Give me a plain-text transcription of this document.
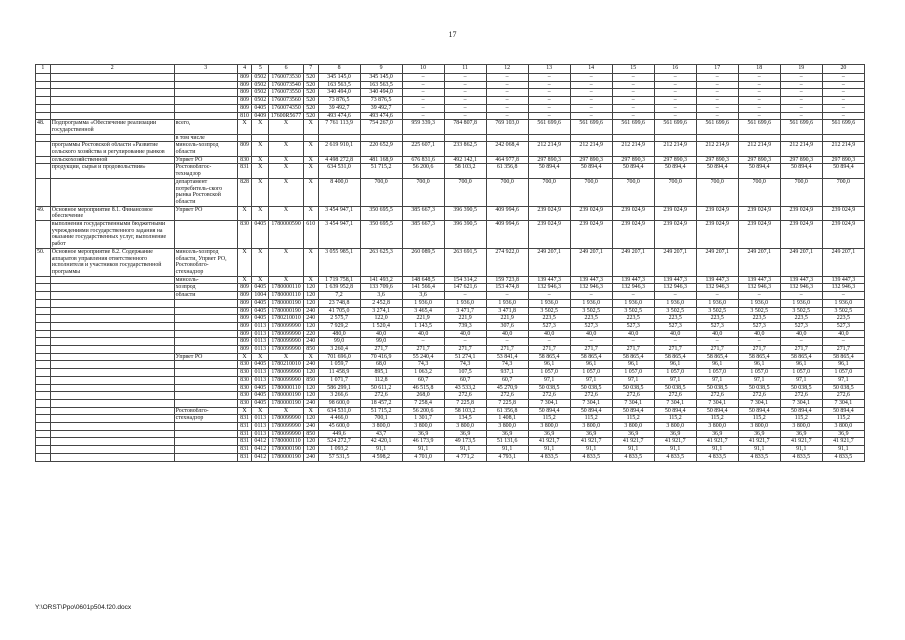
17
1	2	3	4	5	6	7	8	9	10	11	12	13	14	15	16	17	18	19	20
			809	0502	1760073530	520	345 145,0	345 145,0	–	–	–	–	–	–	–	–	–	–	–
			809	0502	1760073540	520	163 563,5	163 563,5	–	–	–	–	–	–	–	–	–	–	–
			809	0502	1760073550	520	340 494,0	340 494,0	–	–	–	–	–	–	–	–	–	–	–
			809	0502	1760073560	520	73 876,5	73 876,5	–	–	–	–	–	–	–	–	–	–	–
			809	0405	1760074350	520	39 492,7	39 492,7	–	–	–	–	–	–	–	–	–	–	–
			810	0409	17600R5677	520	493 474,6	493 474,6	–	–	–	–	–	–	–	–	–	–	–
48.	Подпрограмма «Обеспечение реализации государственной	всего,	X	X	X	X	7 761 113,9	754 267,0	959 339,3	784 807,8	769 103,0	561 699,6	561 699,6	561 699,6	561 699,6	561 699,6	561 699,6	561 699,6	561 699,6
		в том числе																	
	программы Ростовской области «Развитие сельского хозяйства и регулирование рынков	минсель-хозпрод области	809	X	X	X	2 619 910,1	220 652,9	225 607,1	233 862,5	242 068,4	212 214,9	212 214,9	212 214,9	212 214,9	212 214,9	212 214,9	212 214,9	212 214,9
	сельскохозяйственной	Упрвет РО	830	X	X	X	4 498 272,8	481 168,9	676 831,6	492 142,1	464 977,8	297 890,3	297 890,3	297 890,3	297 890,3	297 890,3	297 890,3	297 890,3	297 890,3
	продукции, сырья и продовольствия»	Ростовоблгос-технадзор	831	X	X	X	634 531,0	51 715,2	56 200,6	58 103,2	61 356,8	50 894,4	50 894,4	50 894,4	50 894,4	50 894,4	50 894,4	50 894,4	50 894,4
		департамент потребитель-ского рынка Ростовской области	828	X	X	X	8 400,0	700,0	700,0	700,0	700,0	700,0	700,0	700,0	700,0	700,0	700,0	700,0	700,0
49.	Основное мероприятие 8.1. Финансовое обеспечение	Упрвет РО	X	X	X	X	3 454 947,1	350 695,5	385 667,3	396 390,5	409 994,6	239 024,9	239 024,9	239 024,9	239 024,9	239 024,9	239 024,9	239 024,9	239 024,9
	выполнения государственными бюджетными учреждениями государственного задания на оказание государственных услуг, выполнение работ		830	0405	1780000590	610	3 454 947,1	350 695,5	385 667,3	396 390,5	409 994,6	239 024,9	239 024,9	239 024,9	239 024,9	239 024,9	239 024,9	239 024,9	239 024,9
50.	Основное мероприятие 8.2. Содержание аппаратов управления ответственного исполнителя и участников государственной программы	минсель-хозпрод области, Упрвет РО, Ростовоблго-стехнадзор	X	X	X	X	3 055 985,1	263 625,3	260 089,5	263 691,5	274 922,0	249 207,1	249 207,1	249 207,1	249 207,1	249 207,1	249 207,1	249 207,1	249 207,1
		минсель-	X	X	X	X	1 719 758,1	141 493,2	148 648,5	154 314,2	159 723,8	139 447,3	139 447,3	139 447,3	139 447,3	139 447,3	139 447,3	139 447,3	139 447,3
		хозпрод	809	0405	1780000110	120	1 639 952,8	133 709,6	141 566,4	147 621,6	153 474,8	132 946,3	132 946,3	132 946,3	132 946,3	132 946,3	132 946,3	132 946,3	132 946,3
		области	809	1004	1780000110	120	7,2	3,6	3,6	–	–	–	–	–	–	–	–	–	–
			809	0405	1780000190	120	23 748,8	2 452,8	1 936,0	1 936,0	1 936,0	1 936,0	1 936,0	1 936,0	1 936,0	1 936,0	1 936,0	1 936,0	1 936,0
			809	0405	1780000190	240	41 705,0	3 274,1	3 465,4	3 471,7	3 471,8	3 502,5	3 502,5	3 502,5	3 502,5	3 502,5	3 502,5	3 502,5	3 502,5
			809	0405	1780210010	240	2 575,7	122,0	221,9	221,9	221,9	223,5	223,5	223,5	223,5	223,5	223,5	223,5	223,5
			809	0113	1780099990	120	7 929,2	1 520,4	1 143,5	739,3	307,6	527,3	527,3	527,3	527,3	527,3	527,3	527,3	527,3
			809	0113	1780099990	220	480,0	40,0	40,0	40,0	40,0	40,0	40,0	40,0	40,0	40,0	40,0	40,0	40,0
			809	0113	1780099990	240	99,0	99,0	–	–	–	–	–	–	–	–	–	–	–
			809	0113	1780099990	850	3 260,4	271,7	271,7	271,7	271,7	271,7	271,7	271,7	271,7	271,7	271,7	271,7	271,7
		Упрвет РО	X	X	X	X	701 696,0	70 416,9	55 240,4	51 274,1	53 841,4	58 865,4	58 865,4	58 865,4	58 865,4	58 865,4	58 865,4	58 865,4	58 865,4
			830	0405	1780210010	240	1 059,7	68,0	74,3	74,3	74,3	96,1	96,1	96,1	96,1	96,1	96,1	96,1	96,1
			830	0113	1780099990	120	11 458,9	895,1	1 063,2	107,5	937,1	1 057,0	1 057,0	1 057,0	1 057,0	1 057,0	1 057,0	1 057,0	1 057,0
			830	0113	1780099990	850	1 071,7	112,8	60,7	60,7	60,7	97,1	97,1	97,1	97,1	97,1	97,1	97,1	97,1
			830	0405	1780000110	120	586 299,1	50 611,2	46 515,8	43 533,2	45 270,9	50 038,5	50 038,5	50 038,5	50 038,5	50 038,5	50 038,5	50 038,5	50 038,5
			830	0405	1780000190	120	3 266,6	272,6	268,0	272,6	272,6	272,6	272,6	272,6	272,6	272,6	272,6	272,6	272,6
			830	0405	1780000190	240	98 600,0	18 457,2	7 258,4	7 225,8	7 225,8	7 304,1	7 304,1	7 304,1	7 304,1	7 304,1	7 304,1	7 304,1	7 304,1
		Ростовоблго-	X	X	X	X	634 531,0	51 715,2	56 200,6	58 103,2	61 356,8	50 894,4	50 894,4	50 894,4	50 894,4	50 894,4	50 894,4	50 894,4	50 894,4
		стехнадзор	831	0113	1780099990	120	4 466,0	700,1	1 301,7	134,5	1 408,1	115,2	115,2	115,2	115,2	115,2	115,2	115,2	115,2
			831	0113	1780099990	240	45 600,0	3 800,0	3 800,0	3 800,0	3 800,0	3 800,0	3 800,0	3 800,0	3 800,0	3 800,0	3 800,0	3 800,0	3 800,0
			831	0113	1780099990	850	449,6	43,7	36,9	36,9	36,9	36,9	36,9	36,9	36,9	36,9	36,9	36,9	36,9
			831	0412	1780000110	120	524 272,7	42 420,1	46 173,9	49 173,5	51 131,6	41 921,7	41 921,7	41 921,7	41 921,7	41 921,7	41 921,7	41 921,7	41 921,7
			831	0412	1780000190	120	1 093,2	91,1	91,1	91,1	91,1	91,1	91,1	91,1	91,1	91,1	91,1	91,1	91,1
			831	0412	1780000190	240	57 531,5	4 598,2	4 701,0	4 771,2	4 793,1	4 833,5	4 833,5	4 833,5	4 833,5	4 833,5	4 833,5	4 833,5	4 833,5
Y:\ORST\Ppo\0601p504.f20.docx
